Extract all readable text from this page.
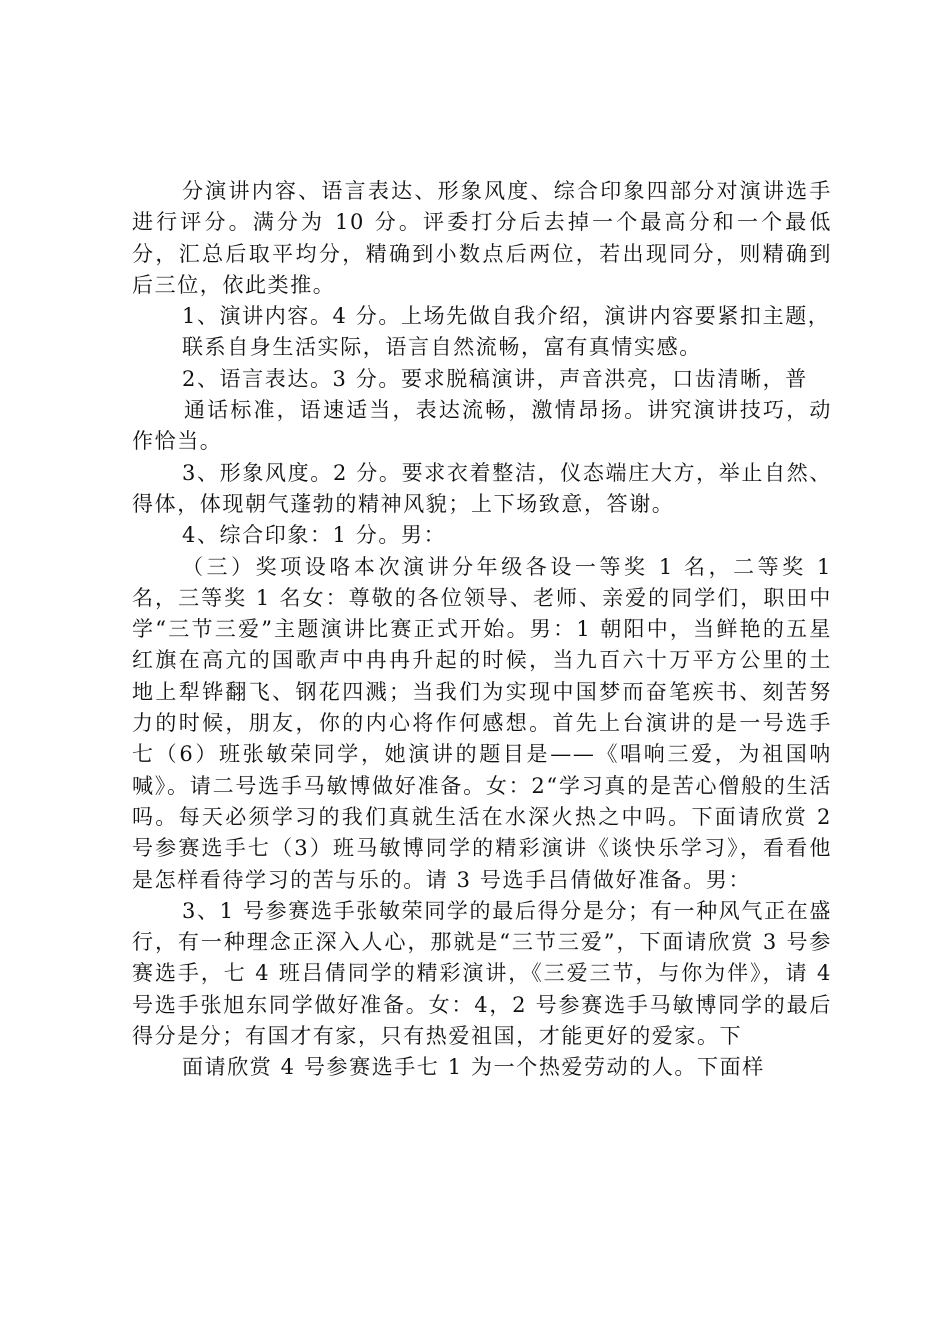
分演讲内容、语言表达、形象风度、综合印象四部分对演讲选手进行评分。满分为 10 分。评委打分后去掉一个最高分和一个最低分，汇总后取平均分，精确到小数点后两位，若出现同分，则精确到后三位，依此类推。

1、演讲内容。4 分。上场先做自我介绍，演讲内容要紧扣主题，

联系自身生活实际，语言自然流畅，富有真情实感。

2、语言表达。3 分。要求脱稿演讲，声音洪亮，口齿清晰，普

通话标准，语速适当，表达流畅，激情昂扬。讲究演讲技巧，动作恰当。

3、形象风度。2 分。要求衣着整洁，仪态端庄大方，举止自然、得体，体现朝气蓬勃的精神风貌；上下场致意，答谢。

4、综合印象：1 分。男：

（三）奖项设咯本次演讲分年级各设一等奖 1 名，二等奖 1 名，三等奖 1 名女：尊敬的各位领导、老师、亲爱的同学们，职田中学“三节三爱”主题演讲比赛正式开始。男：1 朝阳中，当鲜艳的五星红旗在高亢的国歌声中冉冉升起的时候，当九百六十万平方公里的土地上犁铧翻飞、钢花四溅；当我们为实现中国梦而奋笔疾书、刻苦努力的时候，朋友，你的内心将作何感想。首先上台演讲的是一号选手七（6）班张敏荣同学，她演讲的题目是——《唱响三爱，为祖国呐喊》。请二号选手马敏博做好准备。女：2“学习真的是苦心僧般的生活吗。每天必须学习的我们真就生活在水深火热之中吗。下面请欣赏 2 号参赛选手七（3）班马敏博同学的精彩演讲《谈快乐学习》，看看他是怎样看待学习的苦与乐的。请 3 号选手吕倩做好准备。男：

3、1 号参赛选手张敏荣同学的最后得分是分；有一种风气正在盛行，有一种理念正深入人心，那就是“三节三爱”，下面请欣赏 3 号参赛选手，七 4 班吕倩同学的精彩演讲，《三爱三节，与你为伴》，请 4 号选手张旭东同学做好准备。女：4，2 号参赛选手马敏博同学的最后得分是分；有国才有家，只有热爱祖国，才能更好的爱家。下

面请欣赏 4 号参赛选手七 1 为一个热爱劳动的人。下面样
